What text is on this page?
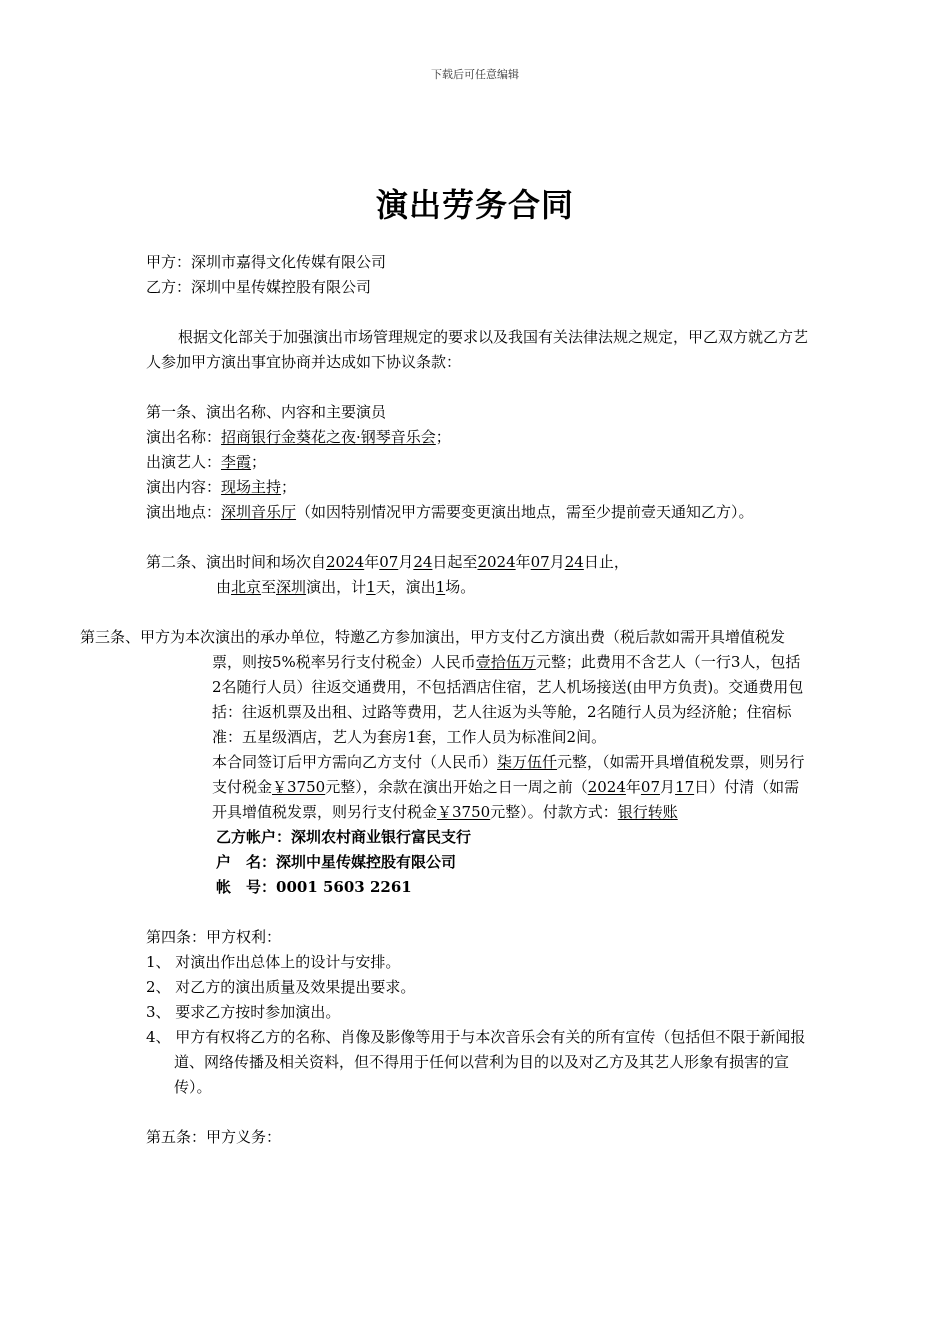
下载后可任意编辑
演出劳务合同

甲方：深圳市嘉得文化传媒有限公司

乙方：深圳中星传媒控股有限公司

根据文化部关于加强演出市场管理规定的要求以及我国有关法律法规之规定，甲乙双方就乙方艺人参加甲方演出事宜协商并达成如下协议条款：

第一条、演出名称、内容和主要演员

演出名称：招商银行金葵花之夜·钢琴音乐会；

出演艺人：李霞；

演出内容：现场主持；

演出地点：深圳音乐厅（如因特别情况甲方需要变更演出地点，需至少提前壹天通知乙方）。

第二条、演出时间和场次自2024年07月24日起至2024年07月24日止，

由北京至深圳演出，计1天，演出1场。

第三条、甲方为本次演出的承办单位，特邀乙方参加演出，甲方支付乙方演出费（税后款如需开具增值税发票，则按5%税率另行支付税金）人民币壹拾伍万元整；此费用不含艺人（一行3人，包括2名随行人员）往返交通费用，不包括酒店住宿，艺人机场接送(由甲方负责)。交通费用包括：往返机票及出租、过路等费用，艺人往返为头等舱，2名随行人员为经济舱；住宿标准：五星级酒店，艺人为套房1套，工作人员为标准间2间。

本合同签订后甲方需向乙方支付（人民币）柒万伍仟元整，（如需开具增值税发票，则另行支付税金￥3750元整），余款在演出开始之日一周之前（2024年07月17日）付清（如需开具增值税发票，则另行支付税金￥3750元整）。付款方式：银行转账

乙方帐户：深圳农村商业银行富民支行

户　名：深圳中星传媒控股有限公司

帐　号：0001 5603 2261

第四条：甲方权利：

1、 对演出作出总体上的设计与安排。

2、 对乙方的演出质量及效果提出要求。

3、 要求乙方按时参加演出。

4、 甲方有权将乙方的名称、肖像及影像等用于与本次音乐会有关的所有宣传（包括但不限于新闻报道、网络传播及相关资料，但不得用于任何以营利为目的以及对乙方及其艺人形象有损害的宣传）。

第五条：甲方义务：
